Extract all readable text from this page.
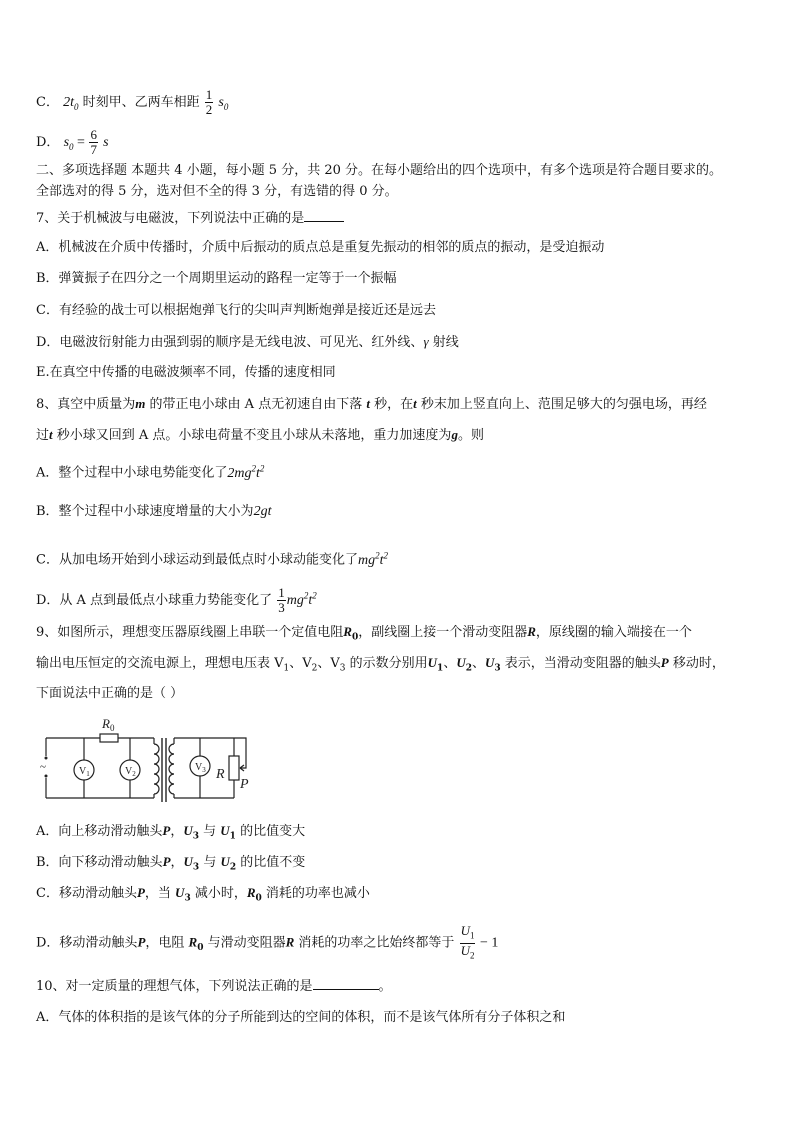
C． $2t_0$ 时刻甲、乙两车相距 $\frac{1}{2} s_0$
D． $s_0 = \frac{6}{7}$ s
二、多项选择题 本题共 4 小题，每小题 5 分，共 20 分。在每小题给出的四个选项中，有多个选项是符合题目要求的。
全部选对的得 5 分，选对但不全的得 3 分，有选错的得 0 分。
7、关于机械波与电磁波，下列说法中正确的是
A．机械波在介质中传播时，介质中后振动的质点总是重复先振动的相邻的质点的振动，是受迫振动
B．弹簧振子在四分之一个周期里运动的路程一定等于一个振幅
C．有经验的战士可以根据炮弹飞行的尖叫声判断炮弹是接近还是远去
D．电磁波衍射能力由强到弱的顺序是无线电波、可见光、红外线、γ 射线
E.在真空中传播的电磁波频率不同，传播的速度相同
8、真空中质量为m 的带正电小球由 A 点无初速自由下落 t 秒，在t 秒末加上竖直向上、范围足够大的匀强电场，再经
过t 秒小球又回到 A 点。小球电荷量不变且小球从未落地，重力加速度为g。则
A．整个过程中小球电势能变化了$2mg^2t^2$
B．整个过程中小球速度增量的大小为2gt
C．从加电场开始到小球运动到最低点时小球动能变化了$mg^2t^2$
D．从 A 点到最低点小球重力势能变化了 $\frac{1}{3} mg^2t^2$
9、如图所示，理想变压器原线圈上串联一个定值电阻$R_0$，副线圈上接一个滑动变阻器R，原线圈的输入端接在一个
输出电压恒定的交流电源上，理想电压表 $V_1$、$V_2$、$V_3$ 的示数分别用$U_1$、$U_2$、$U_3$ 表示，当滑动变阻器的触头P 移动时，
下面说法中正确的是（ ）
~
$R_0$
$V_1$	$V_2$
$V_3$ R
P
A．向上移动滑动触头P，$U_3$ 与 $U_1$ 的比值变大
B．向下移动滑动触头P，$U_3$ 与 $U_2$ 的比值不变
C．移动滑动触头P，当 $U_3$ 减小时，$R_0$ 消耗的功率也减小
D．移动滑动触头P，电阻 $R_0$ 与滑动变阻器R 消耗的功率之比始终都等于 $\frac{U_1}{U_2} - 1$
10、对一定质量的理想气体，下列说法正确的是	。
A．气体的体积指的是该气体的分子所能到达的空间的体积，而不是该气体所有分子体积之和
